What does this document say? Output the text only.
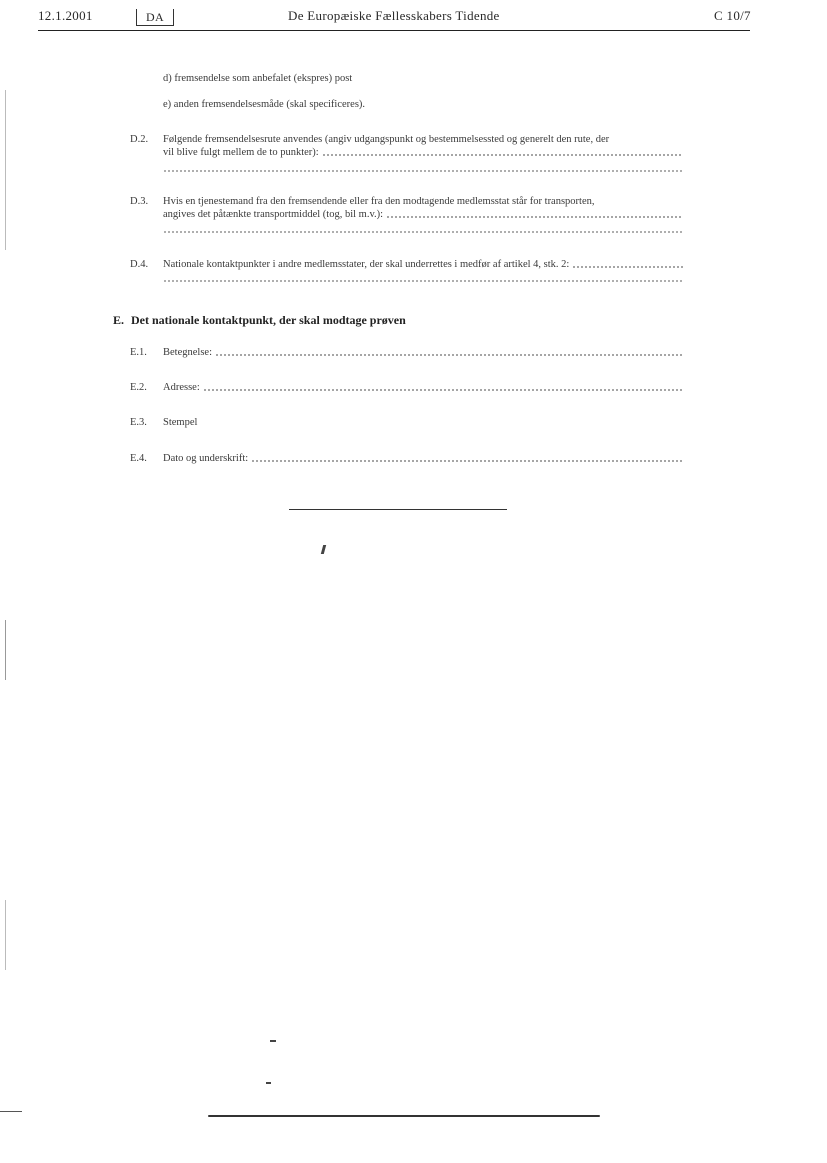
12.1.2001	DA	De Europæiske Fællesskabers Tidende	C 10/7
d) fremsendelse som anbefalet (ekspres) post
e) anden fremsendelsesmåde (skal specificeres).
D.2. Følgende fremsendelsesrute anvendes (angiv udgangspunkt og bestemmelsessted og generelt den rute, der
vil blive fulgt mellem de to punkter):
D.3. Hvis en tjenestemand fra den fremsendende eller fra den modtagende medlemsstat står for transporten,
angives det påtænkte transportmiddel (tog, bil m.v.):
D.4. Nationale kontaktpunkter i andre medlemsstater, der skal underrettes i medfør af artikel 4, stk. 2:
E. Det nationale kontaktpunkt, der skal modtage prøven
E.1. Betegnelse:
E.2. Adresse:
E.3. Stempel
E.4. Dato og underskrift:
